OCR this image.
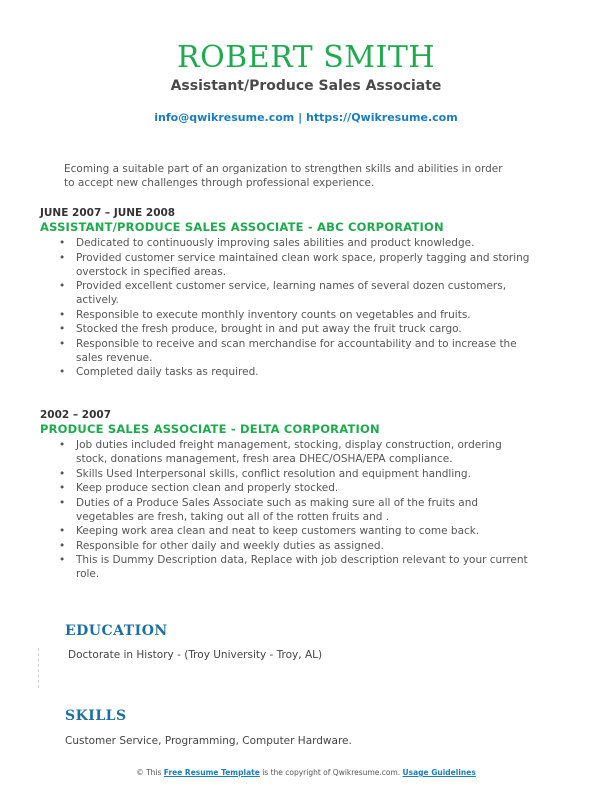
ROBERT SMITH
Assistant/Produce Sales Associate
info@qwikresume.com | https://Qwikresume.com
Ecoming a suitable part of an organization to strengthen skills and abilities in order to accept new challenges through professional experience.
JUNE 2007 – JUNE 2008
ASSISTANT/PRODUCE SALES ASSOCIATE - ABC CORPORATION
• Dedicated to continuously improving sales abilities and product knowledge.
• Provided customer service maintained clean work space, properly tagging and storing overstock in specified areas.
• Provided excellent customer service, learning names of several dozen customers, actively.
• Responsible to execute monthly inventory counts on vegetables and fruits.
• Stocked the fresh produce, brought in and put away the fruit truck cargo.
• Responsible to receive and scan merchandise for accountability and to increase the sales revenue.
• Completed daily tasks as required.
2002 – 2007
PRODUCE SALES ASSOCIATE - DELTA CORPORATION
• Job duties included freight management, stocking, display construction, ordering stock, donations management, fresh area DHEC/OSHA/EPA compliance.
• Skills Used Interpersonal skills, conflict resolution and equipment handling.
• Keep produce section clean and properly stocked.
• Duties of a Produce Sales Associate such as making sure all of the fruits and vegetables are fresh, taking out all of the rotten fruits and .
• Keeping work area clean and neat to keep customers wanting to come back.
• Responsible for other daily and weekly duties as assigned.
• This is Dummy Description data, Replace with job description relevant to your current role.
EDUCATION
Doctorate in History - (Troy University - Troy, AL)
SKILLS
Customer Service, Programming, Computer Hardware.
© This Free Resume Template is the copyright of Qwikresume.com. Usage Guidelines
